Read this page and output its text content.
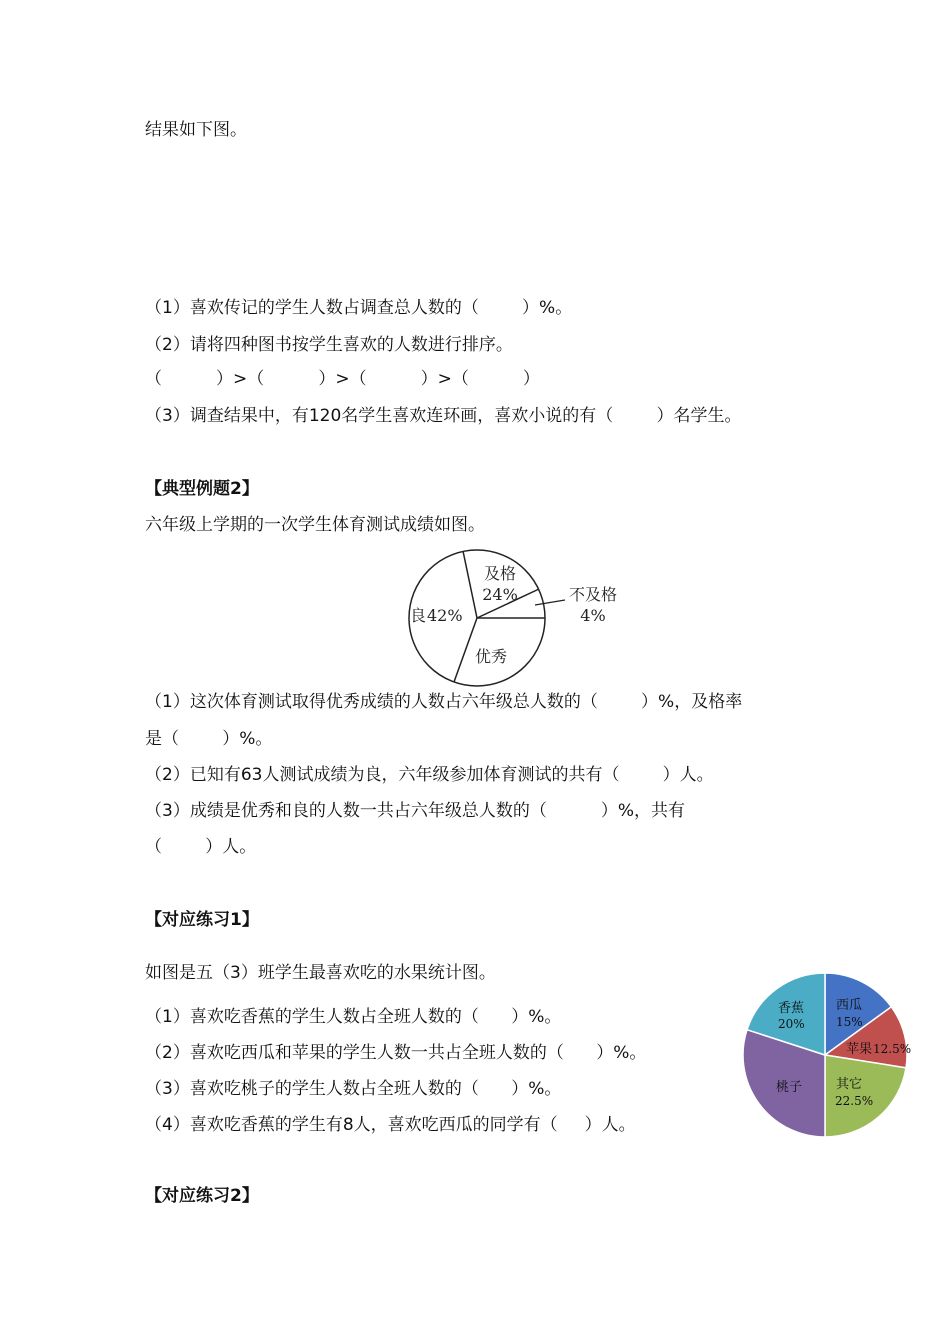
结果如下图。
（1）喜欢传记的学生人数占调查总人数的（        ）%。
（2）请将四种图书按学生喜欢的人数进行排序。
（          ）>（          ）>（          ）>（          ）
（3）调查结果中，有120名学生喜欢连环画，喜欢小说的有（        ）名学生。
【典型例题2】
六年级上学期的一次学生体育测试成绩如图。
及格
24%	不及格
4%
优秀
良 42%
（1）这次体育测试取得优秀成绩的人数占六年级总人数的（        ）%，及格率
是（        ）%。
（2）已知有63人测试成绩为良，六年级参加体育测试的共有（        ）人。
（3）成绩是优秀和良的人数一共占六年级总人数的（          ）%，共有
（        ）人。
【对应练习1】
如图是五（3）班学生最喜欢吃的水果统计图。
（1）喜欢吃香蕉的学生人数占全班人数的（      ）%。
（2）喜欢吃西瓜和苹果的学生人数一共占全班人数的（      ）%。
（3）喜欢吃桃子的学生人数占全班人数的（      ）%。
（4）喜欢吃香蕉的学生有8人，喜欢吃西瓜的同学有（     ）人。
西瓜
15%
苹果 12.5%
其它
22.5%
桃子
香蕉
20%
【对应练习2】
